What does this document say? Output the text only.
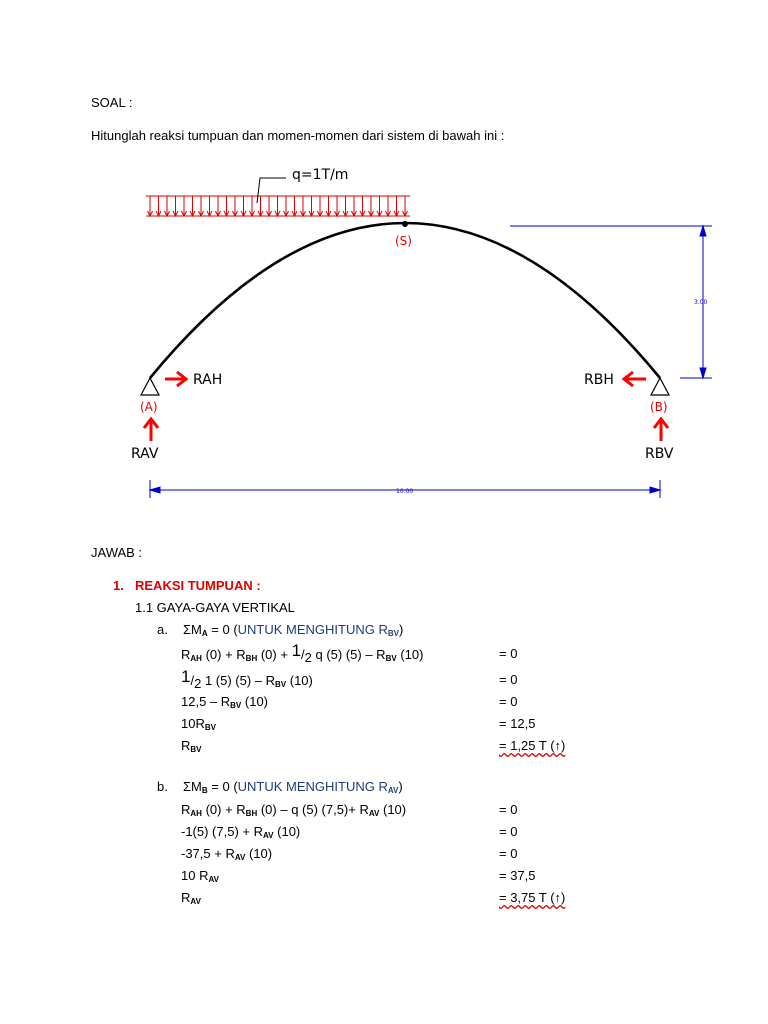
SOAL :
Hitunglah reaksi tumpuan dan momen-momen dari sistem di bawah ini :
q=1T/m
(S)
3.00
(A)	(B)
RAH	RBH
RAV	RBV
10.00
JAWAB :
1. REAKSI TUMPUAN :
1.1 GAYA-GAYA VERTIKAL
a. $\Sigma M_A = 0$ (UNTUK MENGHITUNG $R_{BV}$)
$R_{AH}$ $(0) + R_{BH}$ (0) + 1/2 q (5) $(5) - R_{BV}$ (10)	= 0
1/2 1 (5) $(5) - R_{BV}$ (10)	= 0
$12,5 - R_{BV}$ (10)	= 0
$10R_{BV}$	= 12,5
$R_{BV}$	= 1,25 T (↑)
b. $\Sigma M_B = 0$ (UNTUK MENGHITUNG $R_{AV}$)
$R_{AH}$ $(0) + R_{BH}$ (0) – q (5) $(7,5)+ R_{AV}$ (10)	= 0
-1(5) $(7,5) + R_{AV}$ (10)	= 0
$-37,5 + R_{AV}$ (10)	= 0
10 $R_{AV}$	= 37,5
$R_{AV}$	= 3,75 T (↑)
